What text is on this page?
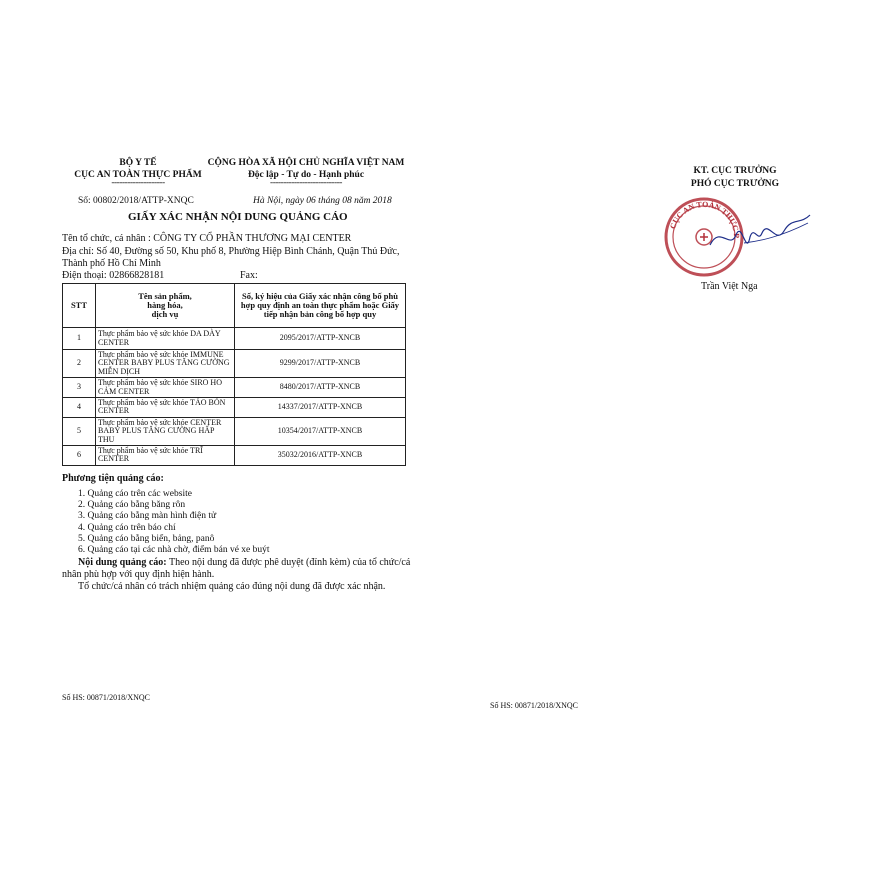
BỘ Y TẾ
CỤC AN TOÀN THỰC PHẨM
--------------------
Số: 00802/2018/ATTP-XNQC
CỘNG HÒA XÃ HỘI CHỦ NGHĨA VIỆT NAM
Độc lập - Tự do - Hạnh phúc
---------------------------
Hà Nội, ngày 06 tháng 08 năm 2018
GIẤY XÁC NHẬN NỘI DUNG QUẢNG CÁO
Tên tổ chức, cá nhân : CÔNG TY CỔ PHẦN THƯƠNG MẠI CENTER
Địa chỉ: Số 40, Đường số 50, Khu phố 8, Phường Hiệp Bình Chánh, Quận Thủ Đức,
Thành phố Hồ Chí Minh
Điện thoại: 02866828181	Fax:
STT	Tên sản phẩm,
hàng hóa,
dịch vụ	Số, ký hiệu của Giấy xác nhận công bố phù hợp quy định an toàn thực phẩm hoặc Giấy tiếp nhận bản công bố hợp quy
1	Thực phẩm bảo vệ sức khỏe DA DÀY CENTER	2095/2017/ATTP-XNCB
2	Thực phẩm bảo vệ sức khỏe IMMUNE CENTER BABY PLUS TĂNG CƯỜNG MIỄN DỊCH	9299/2017/ATTP-XNCB
3	Thực phẩm bảo vệ sức khỏe SIRO HO CẢM CENTER	8480/2017/ATTP-XNCB
4	Thực phẩm bảo vệ sức khỏe TÁO BÓN CENTER	14337/2017/ATTP-XNCB
5	Thực phẩm bảo vệ sức khỏe CENTER BABY PLUS TĂNG CƯỜNG HẤP THU	10354/2017/ATTP-XNCB
6	Thực phẩm bảo vệ sức khỏe TRĨ CENTER	35032/2016/ATTP-XNCB
Phương tiện quảng cáo:
1. Quảng cáo trên các website
2. Quảng cáo bằng băng rôn
3. Quảng cáo bằng màn hình điện tử
4. Quảng cáo trên báo chí
5. Quảng cáo bằng biển, bảng, panô
6. Quảng cáo tại các nhà chờ, điểm bán vé xe buýt
Nội dung quảng cáo: Theo nội dung đã được phê duyệt (đính kèm) của tổ chức/cá
nhân phù hợp với quy định hiện hành.
Tổ chức/cá nhân có trách nhiệm quảng cáo đúng nội dung đã được xác nhận.
KT. CỤC TRƯỞNG
PHÓ CỤC TRƯỞNG
CỤC AN TOÀN THỰC P
Trần Việt Nga
Số HS: 00871/2018/XNQC
Số HS: 00871/2018/XNQC
